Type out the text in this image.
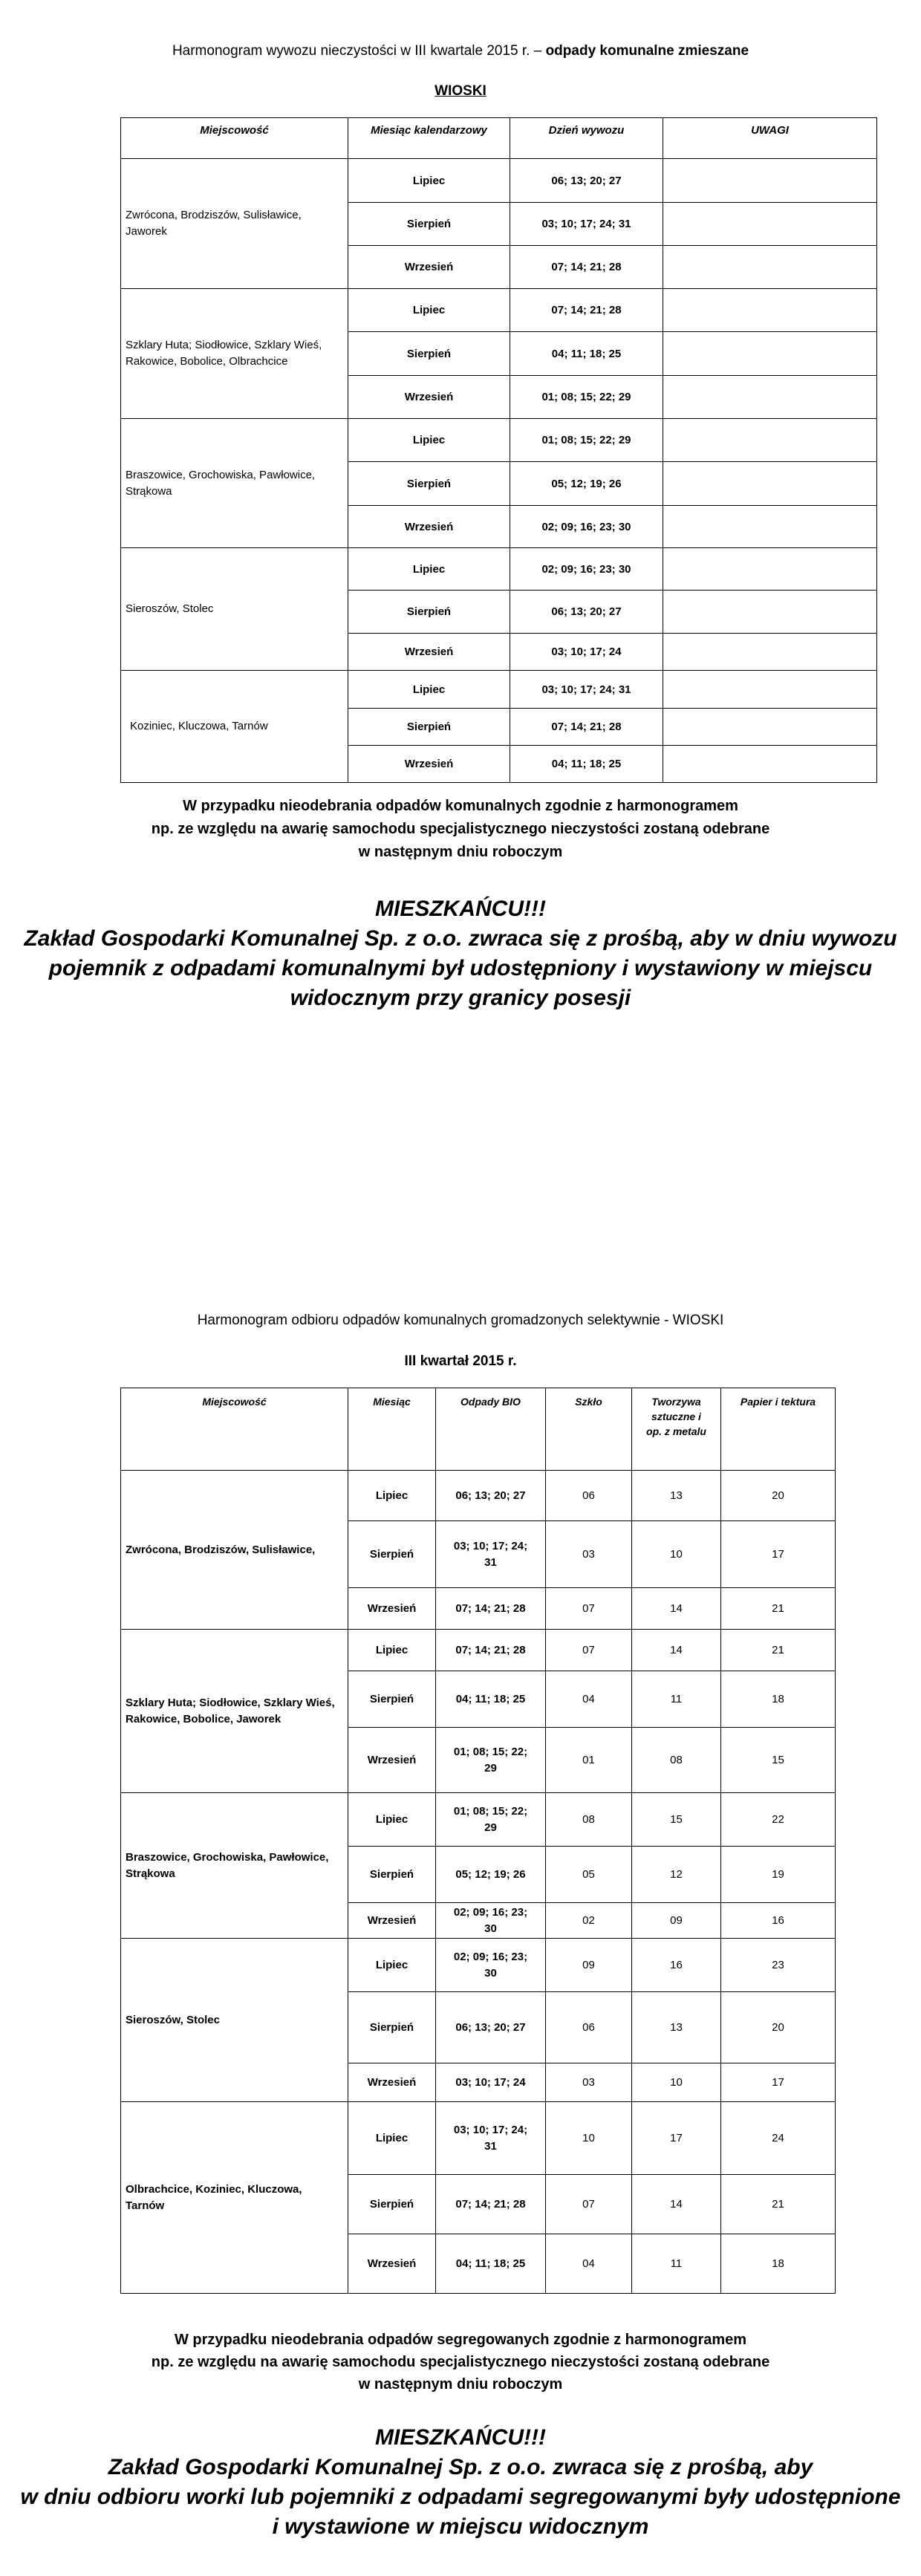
Harmonogram wywozu nieczystości w III kwartale 2015 r. – odpady komunalne zmieszane
WIOSKI
Miejscowość	Miesiąc kalendarzowy	Dzień wywozu	UWAGI
Zwrócona, Brodziszów, Sulisławice, Jaworek	Lipiec	06; 13; 20; 27	
	Sierpień	03; 10; 17; 24; 31	
	Wrzesień	07; 14; 21; 28	
Szklary Huta; Siodłowice, Szklary Wieś, Rakowice, Bobolice, Olbrachcice	Lipiec	07; 14; 21; 28	
	Sierpień	04; 11; 18; 25	
	Wrzesień	01; 08; 15; 22; 29	
Braszowice, Grochowiska, Pawłowice, Strąkowa	Lipiec	01; 08; 15; 22; 29	
	Sierpień	05; 12; 19; 26	
	Wrzesień	02; 09; 16; 23; 30	
Sieroszów, Stolec	Lipiec	02; 09; 16; 23; 30	
	Sierpień	06; 13; 20; 27	
	Wrzesień	03; 10; 17; 24	
Koziniec, Kluczowa, Tarnów	Lipiec	03; 10; 17; 24; 31	
	Sierpień	07; 14; 21; 28	
	Wrzesień	04; 11; 18; 25	
W przypadku nieodebrania odpadów komunalnych zgodnie z harmonogramem
np. ze względu na awarię samochodu specjalistycznego nieczystości zostaną odebrane
w następnym dniu roboczym
MIESZKAŃCU!!!
Zakład Gospodarki Komunalnej Sp. z o.o. zwraca się z prośbą, aby w dniu wywozu
pojemnik z odpadami komunalnymi był udostępniony i wystawiony w miejscu
widocznym przy granicy posesji
Harmonogram odbioru odpadów komunalnych gromadzonych selektywnie - WIOSKI
III kwartał 2015 r.
Miejscowość	Miesiąc	Odpady BIO	Szkło	Tworzywa sztuczne i op. z metalu	Papier i tektura
Zwrócona, Brodziszów, Sulisławice,	Lipiec	06; 13; 20; 27	06	13	20
	Sierpień	03; 10; 17; 24; 31	03	10	17
	Wrzesień	07; 14; 21; 28	07	14	21
Szklary Huta; Siodłowice, Szklary Wieś, Rakowice, Bobolice, Jaworek	Lipiec	07; 14; 21; 28	07	14	21
	Sierpień	04; 11; 18; 25	04	11	18
	Wrzesień	01; 08; 15; 22; 29	01	08	15
Braszowice, Grochowiska, Pawłowice, Strąkowa	Lipiec	01; 08; 15; 22; 29	08	15	22
	Sierpień	05; 12; 19; 26	05	12	19
	Wrzesień	02; 09; 16; 23; 30	02	09	16
Sieroszów, Stolec	Lipiec	02; 09; 16; 23; 30	09	16	23
	Sierpień	06; 13; 20; 27	06	13	20
	Wrzesień	03; 10; 17; 24	03	10	17
Olbrachcice, Koziniec, Kluczowa, Tarnów	Lipiec	03; 10; 17; 24; 31	10	17	24
	Sierpień	07; 14; 21; 28	07	14	21
	Wrzesień	04; 11; 18; 25	04	11	18
W przypadku nieodebrania odpadów segregowanych zgodnie z harmonogramem
np. ze względu na awarię samochodu specjalistycznego nieczystości zostaną odebrane
w następnym dniu roboczym
MIESZKAŃCU!!!
Zakład Gospodarki Komunalnej Sp. z o.o. zwraca się z prośbą, aby
w dniu odbioru worki lub pojemniki z odpadami segregowanymi były udostępnione
i wystawione w miejscu widocznym
